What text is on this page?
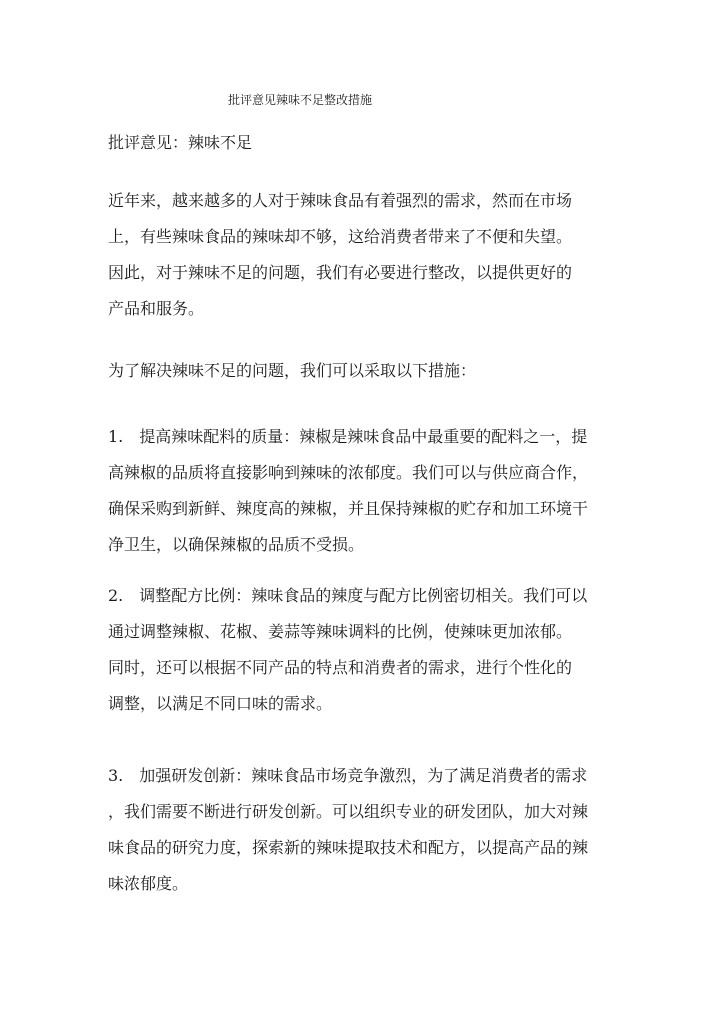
批评意见辣味不足整改措施
批评意见：辣味不足

近年来，越来越多的人对于辣味食品有着强烈的需求，然而在市场
上，有些辣味食品的辣味却不够，这给消费者带来了不便和失望。
因此，对于辣味不足的问题，我们有必要进行整改，以提供更好的
产品和服务。

为了解决辣味不足的问题，我们可以采取以下措施：

1.　提高辣味配料的质量：辣椒是辣味食品中最重要的配料之一，提
高辣椒的品质将直接影响到辣味的浓郁度。我们可以与供应商合作，
确保采购到新鲜、辣度高的辣椒，并且保持辣椒的贮存和加工环境干
净卫生，以确保辣椒的品质不受损。

2.　调整配方比例：辣味食品的辣度与配方比例密切相关。我们可以
通过调整辣椒、花椒、姜蒜等辣味调料的比例，使辣味更加浓郁。
同时，还可以根据不同产品的特点和消费者的需求，进行个性化的
调整，以满足不同口味的需求。

3.　加强研发创新：辣味食品市场竞争激烈，为了满足消费者的需求
，我们需要不断进行研发创新。可以组织专业的研发团队，加大对辣
味食品的研究力度，探索新的辣味提取技术和配方，以提高产品的辣
味浓郁度。
